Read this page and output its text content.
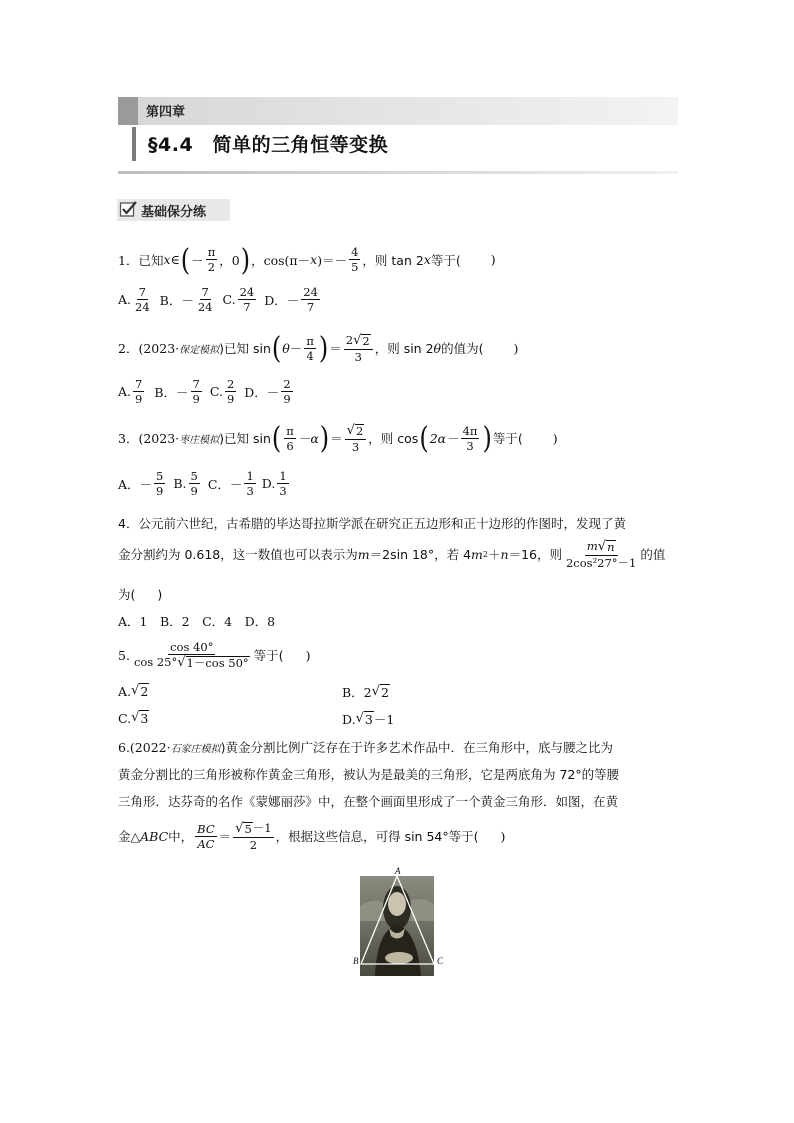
第四章
§4.4　简单的三角恒等变换
基础保分练
1． 已知 x ∈ ( － $\frac{\pi}{2}$ ，0 ) ，cos(π－ x )＝－ $\frac{4}{5}$ ，则 tan 2 x 等于( )
A. $\frac{7}{24}$ B．－ $\frac{7}{24} C$. $\frac{24}{7}$ D．－ $\frac{24}{7}$
2．(2023· 保定模拟 )已知 sin ( $\theta - \frac{\pi}{4}$ ) ＝ $\frac{2 √ 2}{3}$ ，则 sin 2 θ 的值为( )
A. $\frac{7}{9}$ B．－ $\frac{7}{9} C$. $\frac{2}{9}$ D．－ $\frac{2}{9}$
3．(2023· 枣庄模拟 )已知 sin ( $\frac{\pi}{6} -\alpha$ ) ＝ $\frac{√ 2}{3}$ ，则 cos ( $2\alpha- \frac{4\pi}{3}$ ) 等于( )
A．－ $\frac{5}{9} B$. $\frac{5}{9}$ C．－ $\frac{1}{3} D$. $\frac{1}{3}$
4．公元前六世纪，古希腊的毕达哥拉斯学派在研究正五边形和正十边形的作图时，发现了黄
金分割约为 0.618，这一数值也可以表示为 m ＝2sin 18°，若 4 m 2 ＋ n ＝16，则 $\frac{m √ n}{\text{2cos²27°－1}}$ 的值
为( )
A．1　B．2　C．4　D．8
5. $\frac{\cos 40^\circ}{\cos 25^\circ √ 1-\cos 50^\circ}$ 等于( )
A. √ 2	B．2 √ 2
C. √ 3	D. √ 3 －1
6.(2022· 石家庄模拟 )黄金分割比例广泛存在于许多艺术作品中．在三角形中，底与腰之比为
黄金分割比的三角形被称作黄金三角形，被认为是最美的三角形，它是两底角为 72°的等腰
三角形．达芬奇的名作《蒙娜丽莎》中，在整个画面里形成了一个黄金三角形．如图，在黄
金△ ABC 中， $\frac{BC}{AC} = \frac{√ 5 -1}{2}$ ，根据这些信息，可得 sin 54°等于( )
A
B	C
